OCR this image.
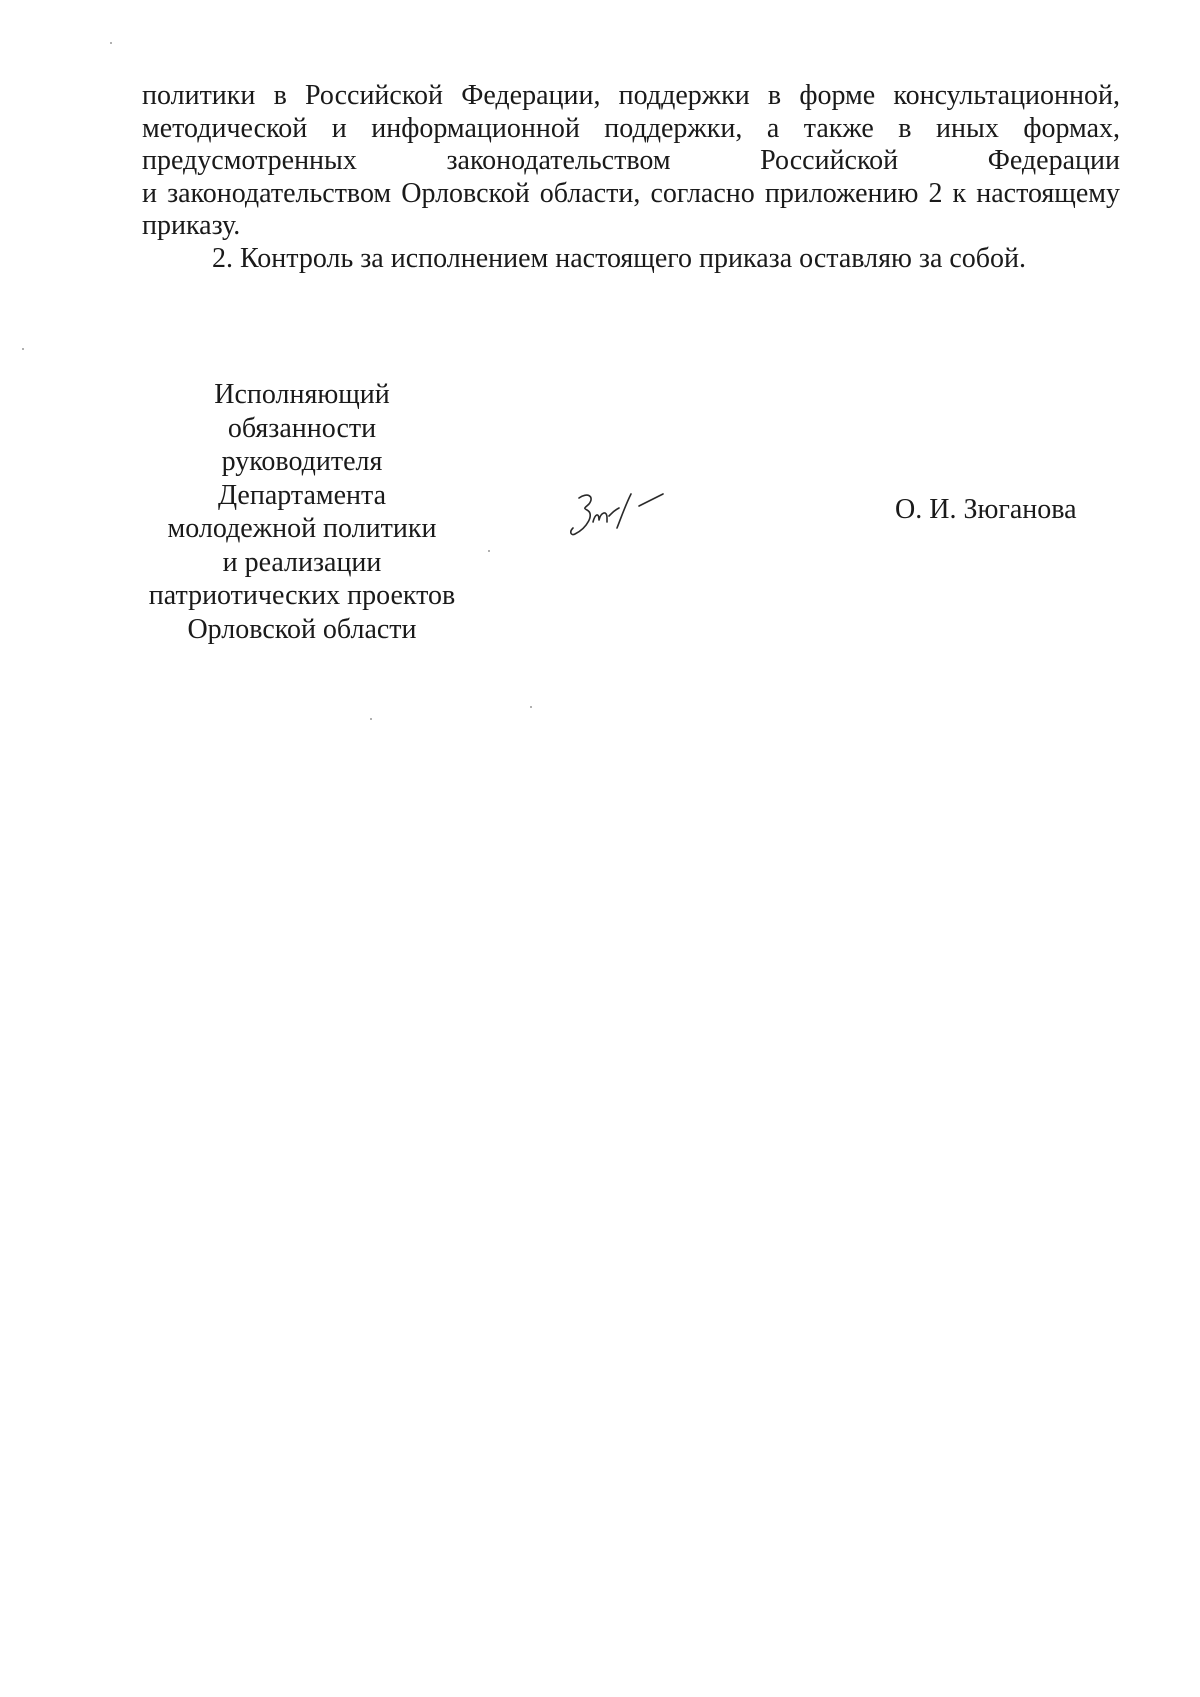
политики в Российской Федерации, поддержки в форме консультационной,

методической и информационной поддержки, а также в иных формах,

предусмотренных законодательством Российской Федерации

и законодательством Орловской области, согласно приложению 2 к настоящему

приказу.

2. Контроль за исполнением настоящего приказа оставляю за собой.

Исполняющий
обязанности
руководителя
Департамента
молодежной политики
и реализации
патриотических проектов
Орловской области
О. И. Зюганова
